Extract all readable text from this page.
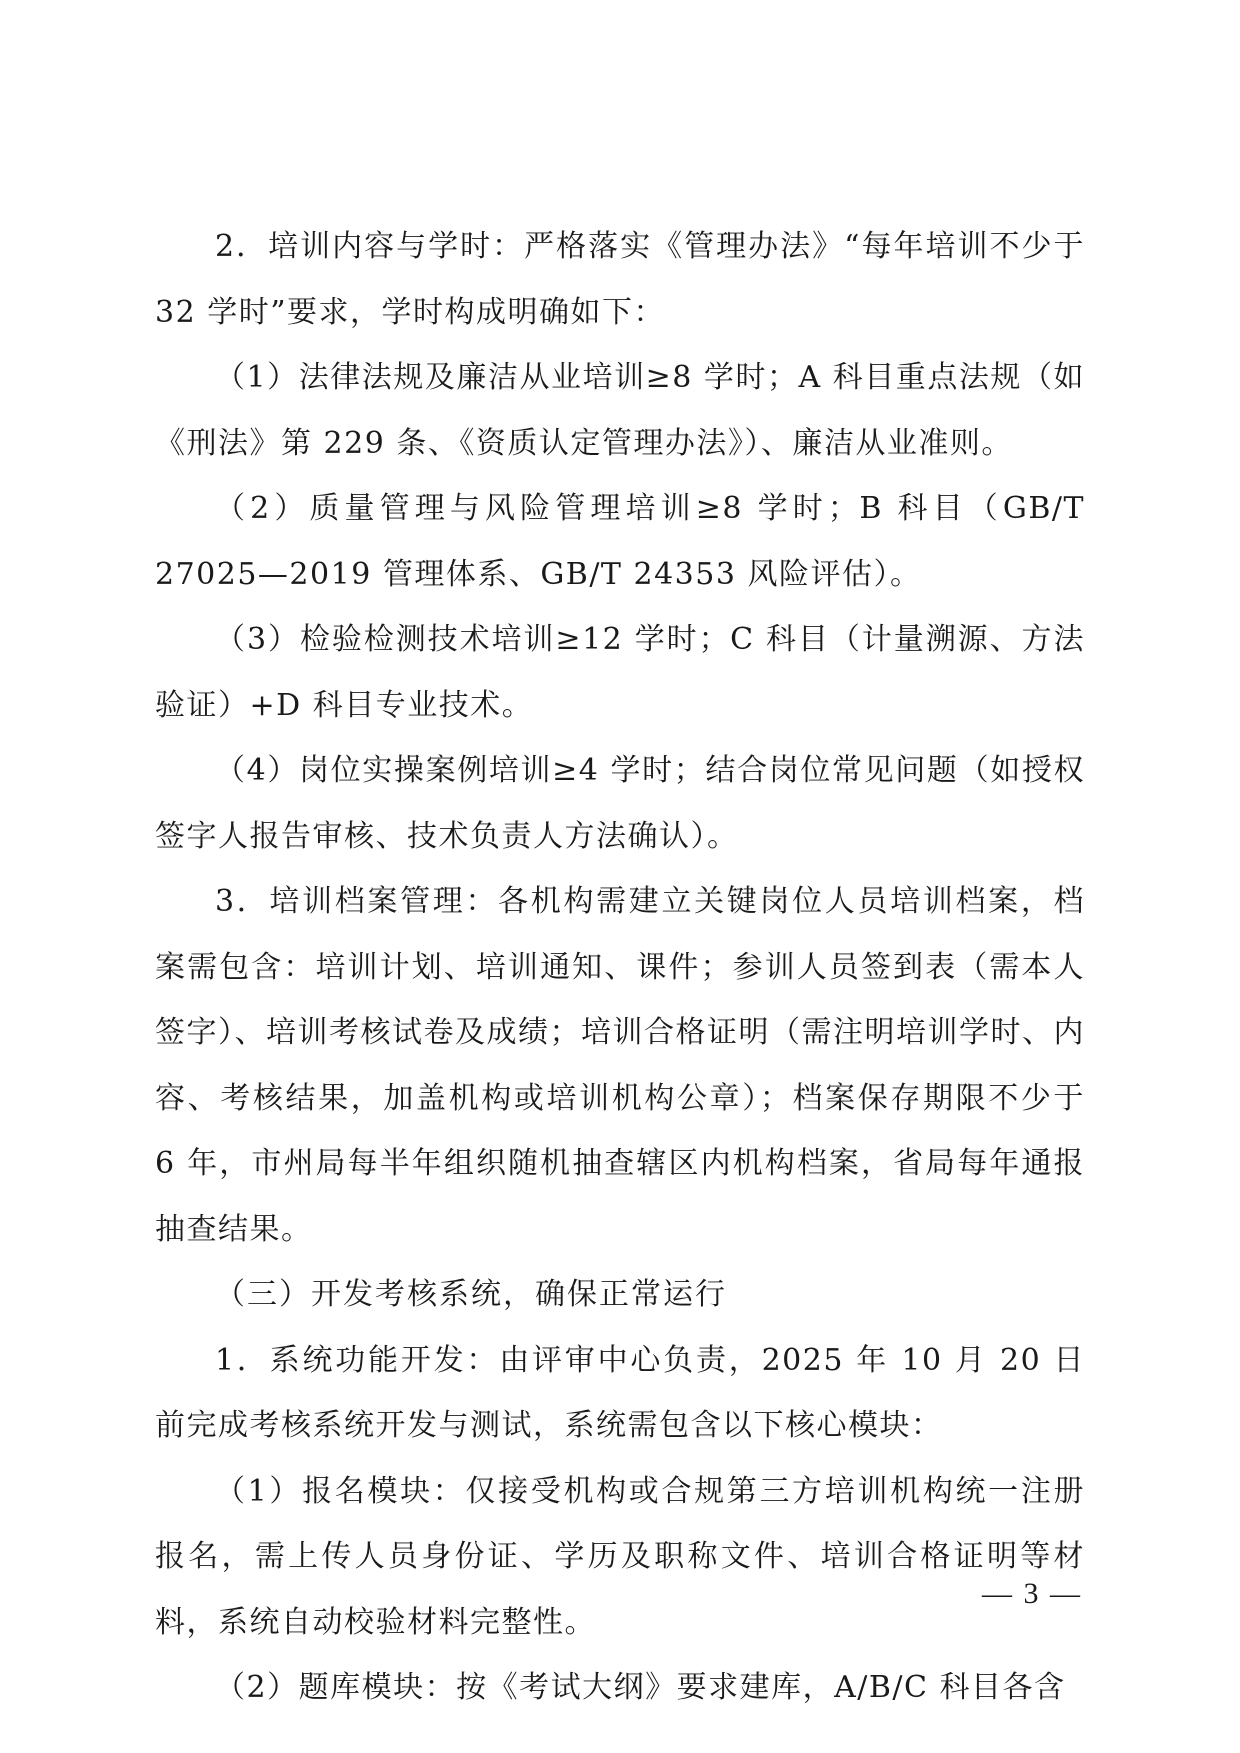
2．培训内容与学时：严格落实《管理办法》“每年培训不少于 32 学时”要求，学时构成明确如下：

（1）法律法规及廉洁从业培训≥8 学时；A 科目重点法规（如《刑法》第 229 条、《资质认定管理办法》）、廉洁从业准则。

（2）质量管理与风险管理培训≥8 学时；B 科目（GB/T 27025—2019 管理体系、GB/T 24353 风险评估）。

（3）检验检测技术培训≥12 学时；C 科目（计量溯源、方法验证）+D 科目专业技术。

（4）岗位实操案例培训≥4 学时；结合岗位常见问题（如授权签字人报告审核、技术负责人方法确认）。

3．培训档案管理：各机构需建立关键岗位人员培训档案，档案需包含：培训计划、培训通知、课件；参训人员签到表（需本人签字）、培训考核试卷及成绩；培训合格证明（需注明培训学时、内容、考核结果，加盖机构或培训机构公章）；档案保存期限不少于 6 年，市州局每半年组织随机抽查辖区内机构档案，省局每年通报抽查结果。

（三）开发考核系统，确保正常运行

1．系统功能开发：由评审中心负责，2025 年 10 月 20 日前完成考核系统开发与测试，系统需包含以下核心模块：

（1）报名模块：仅接受机构或合规第三方培训机构统一注册报名，需上传人员身份证、学历及职称文件、培训合格证明等材料，系统自动校验材料完整性。

（2）题库模块：按《考试大纲》要求建库，A/B/C 科目各含

— 3 —
